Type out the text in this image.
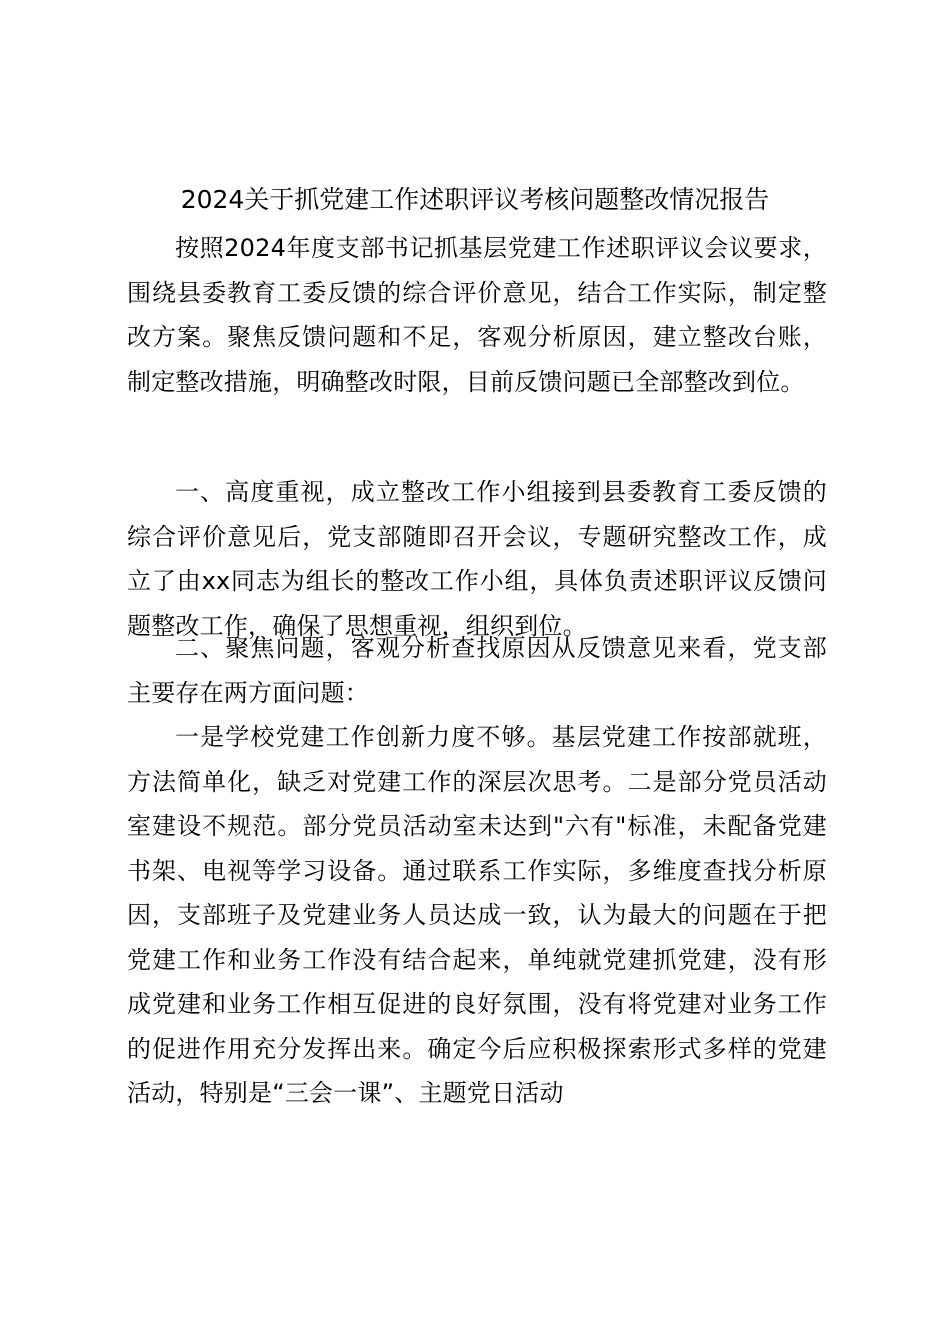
2024关于抓党建工作述职评议考核问题整改情况报告

按照2024年度支部书记抓基层党建工作述职评议会议要求，围绕县委教育工委反馈的综合评价意见，结合工作实际，制定整改方案。聚焦反馈问题和不足，客观分析原因，建立整改台账，制定整改措施，明确整改时限，目前反馈问题已全部整改到位。

一、高度重视，成立整改工作小组接到县委教育工委反馈的综合评价意见后，党支部随即召开会议，专题研究整改工作，成立了由xx同志为组长的整改工作小组，具体负责述职评议反馈问题整改工作，确保了思想重视，组织到位。

二、聚焦问题，客观分析查找原因从反馈意见来看，党支部主要存在两方面问题：

一是学校党建工作创新力度不够。基层党建工作按部就班，方法简单化，缺乏对党建工作的深层次思考。二是部分党员活动室建设不规范。部分党员活动室未达到"六有"标准，未配备党建书架、电视等学习设备。通过联系工作实际，多维度查找分析原因，支部班子及党建业务人员达成一致，认为最大的问题在于把党建工作和业务工作没有结合起来，单纯就党建抓党建，没有形成党建和业务工作相互促进的良好氛围，没有将党建对业务工作的促进作用充分发挥出来。确定今后应积极探索形式多样的党建活动，特别是“三会一课”、主题党日活动
